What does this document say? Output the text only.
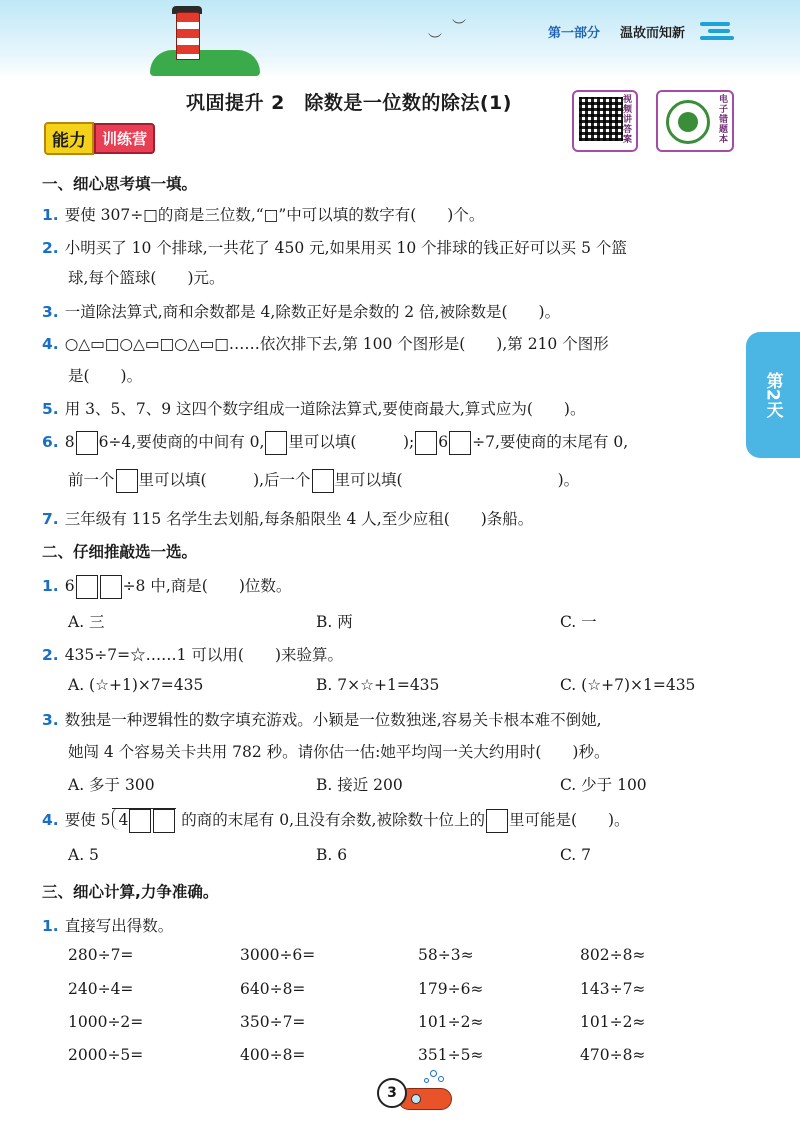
︶
︶	第一部分 温故而知新
巩固提升 2　除数是一位数的除法(1)	视频讲答案
电子错题本
能力	训练营
第2天
一、细心思考填一填。
1. 要使 307÷□的商是三位数,“□”中可以填的数字有(　　)个。
2. 小明买了 10 个排球,一共花了 450 元,如果用买 10 个排球的钱正好可以买 5 个篮
球,每个篮球(　　)元。
3. 一道除法算式,商和余数都是 4,除数正好是余数的 2 倍,被除数是(　　)。
4. ○△▭□○△▭□○△▭□……依次排下去,第 100 个图形是(　　),第 210 个图形
是(　　)。
5. 用 3、5、7、9 这四个数字组成一道除法算式,要使商最大,算式应为(　　)。
6. 8 6÷4,要使商的中间有 0, 里可以填(　　　); 6 ÷7,要使商的末尾有 0,
前一个 里可以填(　　　),后一个 里可以填(　　　　　　　　　　)。
7. 三年级有 115 名学生去划船,每条船限坐 4 人,至少应租(　　)条船。
二、仔细推敲选一选。
1. 6	÷8 中,商是(　　)位数。
A. 三	B. 两	C. 一
2. 435÷7=☆……1 可以用(　　)来验算。
A. (☆+1)×7=435	B. 7×☆+1=435	C. (☆+7)×1=435
3. 数独是一种逻辑性的数字填充游戏。小颖是一位数独迷,容易关卡根本难不倒她,
她闯 4 个容易关卡共用 782 秒。请你估一估:她平均闯一关大约用时(　　)秒。
A. 多于 300	B. 接近 200	C. 少于 100
4. 要使 5 4	的商的末尾有 0,且没有余数,被除数十位上的 里可能是(　　)。
A. 5	B. 6	C. 7
三、细心计算,力争准确。
1. 直接写出得数。
280÷7=	3000÷6=	58÷3≈	802÷8≈
240÷4=	640÷8=	179÷6≈	143÷7≈
1000÷2=	350÷7=	101÷2≈	101÷2≈
2000÷5=	400÷8=	351÷5≈	470÷8≈
3
